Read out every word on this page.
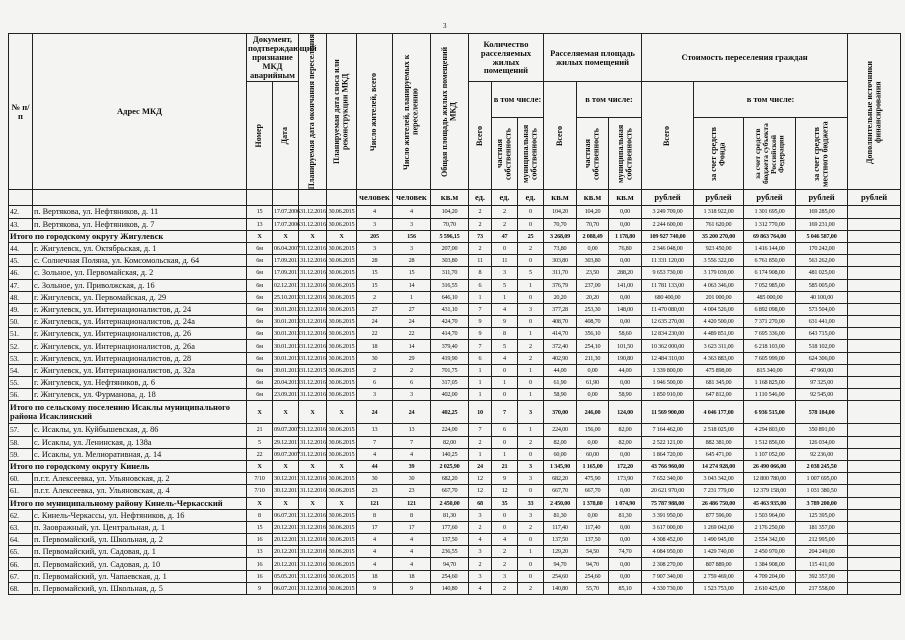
3
№ п/п	Адрес МКД	Документ, подтверждающий признание МКД аварийным		Планируемая дата окончания переселения	Планируемая дата сноса или реконструкции МКД	Число жителей, всего	Число жителей, планируемых к переселению	Общая площадь жилых помещений МКД	Количество расселяемых жилых помещений			Расселяемая площадь жилых помещений			Стоимость переселения граждан				Дополнительные источники финансирования

		Номер	Дата						Всего	в том числе:		Всего	в том числе:		Всего	в том числе:			

										частная собственность	муниципальная собственность		частная собственность	муниципальная собственность		за счет средств Фонда	за счет средств бюджета субъекта Российской Федерации	за счет средств местного бюджета	

						человек	человек	кв.м	ед.	ед.	ед.	кв.м	кв.м	кв.м	рублей	рублей	рублей	рублей	рублей
42.	п. Вертякова, ул. Нефтяников, д. 11	15	17.07.2006	31.12.2016	30.06.2015	4	4	104,20	2	2	0	104,20	104,20	0,00	3 249 709,00	1 318 922,00	1 301 695,00	169 285,00	
43.	п. Вертякова, ул. Нефтяников, д. 7	13	17.07.2006	31.12.2016	30.06.2015	3	3	70,70	2	2	0	70,70	70,70	0,00	2 244 600,00	761 620,00	1 312 770,00	169 231,00	
Итого по городскому округу Жигулевск		X	X	X	X	205	156	5 596,15	73	47	25	3 268,09	2 088,49	1 178,80	109 927 740,00	35 200 270,00	69 863 764,00	5 046 587,00	
44.	г. Жигулевск, ул. Октябрьская, д. 1	6м	06.04.2007	31.12.2016	30.06.2015	3	3	207,00	2	0	2	73,80	0,00	76,80	2 346 048,00	923 450,00	1 416 144,00	170 242,00	
45.	с. Солнечная Поляна, ул. Комсомольская, д. 64	6м	17.09.2011	31.12.2016	30.06.2015	28	28	303,80	11	11	0	303,80	303,80	0,00	11 331 120,00	3 556 322,00	6 761 850,00	563 262,00	
46.	с. Зольное, ул. Первомайская, д. 2	6м	17.09.2011	31.12.2016	30.06.2015	15	15	311,70	8	3	5	311,70	23,50	288,20	9 653 730,00	3 179 039,00	6 174 908,00	481 025,00	
47.	с. Зольное, ул. Приволжская, д. 16	6м	02.12.2011	31.12.2016	30.06.2015	15	14	316,55	6	5	1	376,79	237,00	141,00	11 781 133,00	4 063 346,00	7 052 985,00	585 005,00	
48.	г. Жигулевск, ул. Первомайская, д. 29	6м	25.10.2013	31.12.2016	30.06.2015	2	1	646,10	1	1	0	20,20	20,20	0,00	680 400,00	201 000,00	485 000,00	40 100,00	
49.	г. Жигулевск, ул. Интернационалистов, д. 24	6м	30.01.2013	31.12.2016	30.06.2015	27	27	431,10	7	4	3	377,28	253,30	148,00	11 470 080,00	4 004 526,00	6 892 098,00	573 504,00	
50.	г. Жигулевск, ул. Интернационалистов, д. 24а	6м	30.01.2013	31.12.2016	30.06.2015	24	24	424,70	9	9	0	408,70	408,70	0,00	12 635 270,00	4 420 500,00	7 371 270,00	631 441,00	
51.	г. Жигулевск, ул. Интернационалистов, д. 26	6м	30.01.2013	31.12.2016	30.06.2015	22	22	414,70	9	8	1	414,70	356,10	58,60	12 834 230,00	4 489 851,00	7 695 336,00	643 715,00	
52.	г. Жигулевск, ул. Интернационалистов, д. 26а	6м	30.01.2013	31.12.2016	30.06.2015	18	14	379,40	7	5	2	372,40	254,10	101,50	10 362 000,00	3 623 311,00	6 218 103,00	518 102,00	
53.	г. Жигулевск, ул. Интернационалистов, д. 28	6м	30.01.2013	31.12.2016	30.06.2015	30	29	419,90	6	4	2	402,90	211,30	190,80	12 484 310,00	4 363 883,00	7 605 999,00	624 306,00	
54.	г. Жигулевск, ул. Интернационалистов, д. 32а	6м	30.01.2013	31.12.2015	30.06.2015	2	2	701,75	1	0	1	44,00	0,00	44,00	1 339 800,00	475 898,00	815 340,00	47 960,00	
55.	г. Жигулевск, ул. Нефтяников, д. 6	6м	20.04.2013	31.12.2016	30.06.2015	6	6	317,05	1	1	0	61,90	61,90	0,00	1 946 500,00	681 345,00	1 168 825,00	97 325,00	
56.	г. Жигулевск, ул. Фурманова, д. 18	6м	23.09.2011	31.12.2016	30.06.2015	3	3	402,00	1	0	1	58,90	0,00	58,90	1 850 910,00	647 812,00	1 110 546,00	92 545,00	
Итого по сельскому поселению Исаклы муниципального района Исаклинский		X	X	X	X	24	24	402,25	10	7	3	370,00	246,00	124,00	11 569 900,00	4 046 177,00	6 936 515,00	578 184,00	
57.	с. Исаклы, ул. Куйбышевская, д. 86	21	09.07.2007	31.12.2016	30.06.2015	13	13	224,00	7	6	1	224,00	156,00	82,00	7 164 462,00	2 518 025,00	4 294 803,00	350 891,00	
58.	с. Исаклы, ул. Ленинская, д. 138а	5	29.12.2011	31.12.2016	30.06.2015	7	7	82,00	2	0	2	82,00	0,00	82,00	2 522 121,00	882 381,00	1 512 856,00	126 034,00	
59.	с. Исаклы, ул. Мелиоративная, д. 14	22	09.07.2007	31.12.2016	30.06.2015	4	4	140,25	1	1	0	60,00	60,00	0,00	1 864 720,00	645 471,00	1 107 052,00	92 236,00	
Итого по городскому округу Кинель		X	X	X	X	44	39	2 025,90	24	21	3	1 345,90	1 165,00	172,20	43 766 960,00	14 274 928,00	26 490 066,00	2 038 245,50	
60.	п.г.т. Алексеевка, ул. Ульяновская, д. 2	7/10	30.12.2011	31.12.2016	30.06.2015	30	30	682,20	12	9	3	682,20	475,90	173,90	7 652 340,00	3 043 342,00	12 800 780,00	1 007 695,00	
61.	п.г.т. Алексеевка, ул. Ульяновская, д. 4	7/10	30.12.2011	31.12.2016	30.06.2015	23	23	667,70	12	12	0	667,70	667,70	0,00	20 621 970,00	7 231 779,00	12 379 158,00	1 031 380,50	
Итого по муниципальному району Кинель-Черкасский		X	X	X	X	121	121	2 450,00	68	35	33	2 450,00	1 378,80	1 074,90	75 787 988,00	26 486 750,00	45 463 935,00	3 789 200,00	
62.	с. Кинель-Черкассы, ул. Нефтяников, д. 16	8	06.07.2011	31.12.2016	30.06.2015	8	8	81,30	3	0	3	81,30	0,00	81,30	3 391 950,00	877 596,00	1 503 964,00	125 395,00	
63.	п. Заовражный, ул. Центральная, д. 1	15	20.12.2011	31.12.2016	30.06.2015	17	17	177,60	2	0	2	117,40	117,40	0,00	3 617 000,00	1 269 042,00	2 176 250,00	181 357,00	
64.	п. Первомайский, ул. Школьная, д. 2	16	20.12.2011	31.12.2016	30.06.2015	4	4	137,50	4	4	0	137,50	137,50	0,00	4 308 452,00	1 490 945,00	2 554 342,00	212 995,00	
65.	п. Первомайский, ул. Садовая, д. 1	13	20.12.2011	31.12.2016	30.06.2015	4	4	236,55	3	2	1	129,20	54,50	74,70	4 084 950,00	1 429 740,00	2 450 970,00	204 249,00	
66.	п. Первомайский, ул. Садовая, д. 10	16	20.12.2011	31.12.2016	30.06.2015	4	4	94,70	2	2	0	94,70	94,70	0,00	2 308 270,00	807 889,00	1 384 908,00	115 411,00	
67.	п. Первомайский, ул. Чапаевская, д. 1	16	05.05.2011	31.12.2016	30.06.2015	18	18	254,60	3	3	0	254,60	254,60	0,00	7 907 340,00	2 759 469,00	4 709 204,00	392 357,00	
68.	п. Первомайский, ул. Школьная, д. 5	9	06.07.2011	31.12.2016	30.06.2015	9	9	140,80	4	2	2	140,80	55,70	85,10	4 330 730,00	1 523 753,00	2 610 425,00	217 558,00	
